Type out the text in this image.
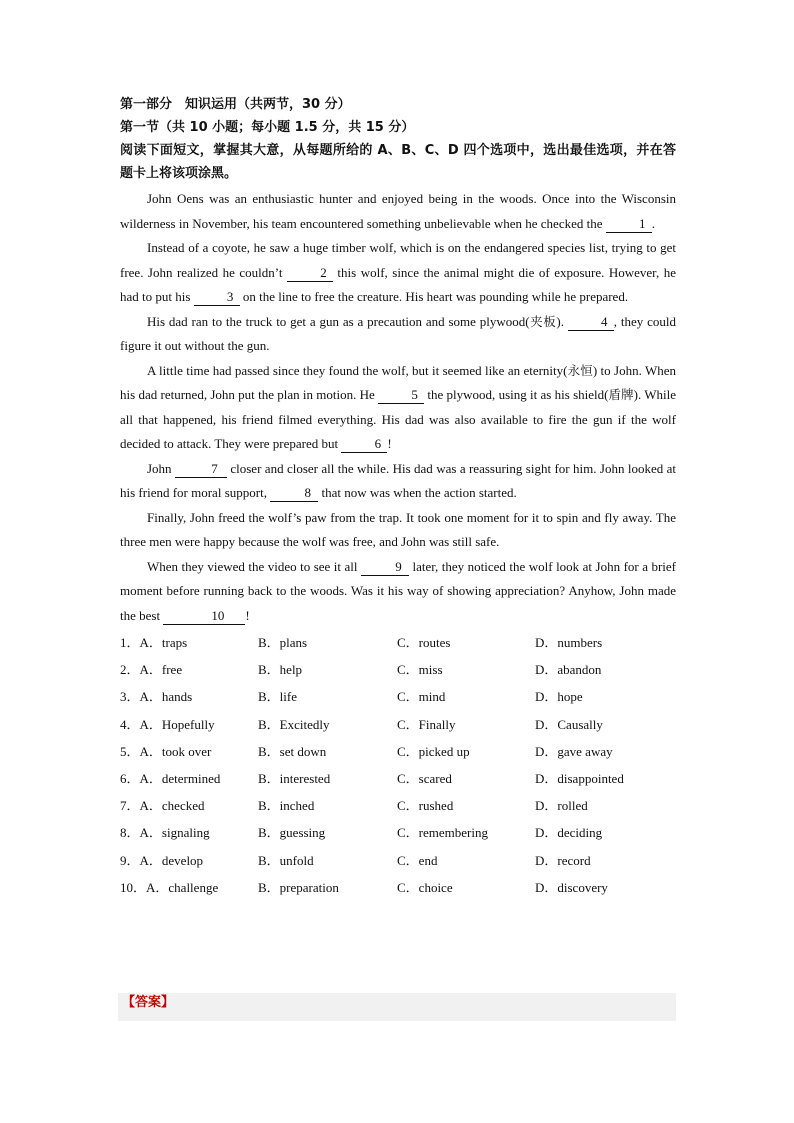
第一部分　知识运用（共两节，30 分）
第一节（共 10 小题；每小题 1.5 分，共 15 分）
阅读下面短文，掌握其大意，从每题所给的 A、B、C、D 四个选项中，选出最佳选项，并在答题卡上将该项涂黑。

John Oens was an enthusiastic hunter and enjoyed being in the woods. Once into the Wisconsin wilderness in November, his team encountered something unbelievable when he checked the	1 .

Instead of a coyote, he saw a huge timber wolf, which is on the endangered species list, trying to get free. John realized he couldn’t	2 this wolf, since the animal might die of exposure. However, he had to put his	3 on the line to free the creature. His heart was pounding while he prepared.

His dad ran to the truck to get a gun as a precaution and some plywood(夹板).	4 , they could figure it out without the gun.

A little time had passed since they found the wolf, but it seemed like an eternity(永恒) to John. When his dad returned, John put the plan in motion. He	5 the plywood, using it as his shield(盾牌). While all that happened, his friend filmed everything. His dad was also available to fire the gun if the wolf decided to attack. They were prepared but	6 !

John	7 closer and closer all the while. His dad was a reassuring sight for him. John looked at his friend for moral support,	8 that now was when the action started.

Finally, John freed the wolf’s paw from the trap. It took one moment for it to spin and fly away. The three men were happy because the wolf was free, and John was still safe.

When they viewed the video to see it all	9 later, they noticed the wolf look at John for a brief moment before running back to the woods. Was it his way of showing appreciation? Anyhow, John made the best	10 !

1．A．traps	B．plans	C．routes	D．numbers
2．A．free	B．help	C．miss	D．abandon
3．A．hands	B．life	C．mind	D．hope
4．A．Hopefully	B．Excitedly	C．Finally	D．Causally
5．A．took over	B．set down	C．picked up	D．gave away
6．A．determined	B．interested	C．scared	D．disappointed
7．A．checked	B．inched	C．rushed	D．rolled
8．A．signaling	B．guessing	C．remembering	D．deciding
9．A．develop	B．unfold	C．end	D．record
10．A．challenge	B．preparation	C．choice	D．discovery
【答案】
